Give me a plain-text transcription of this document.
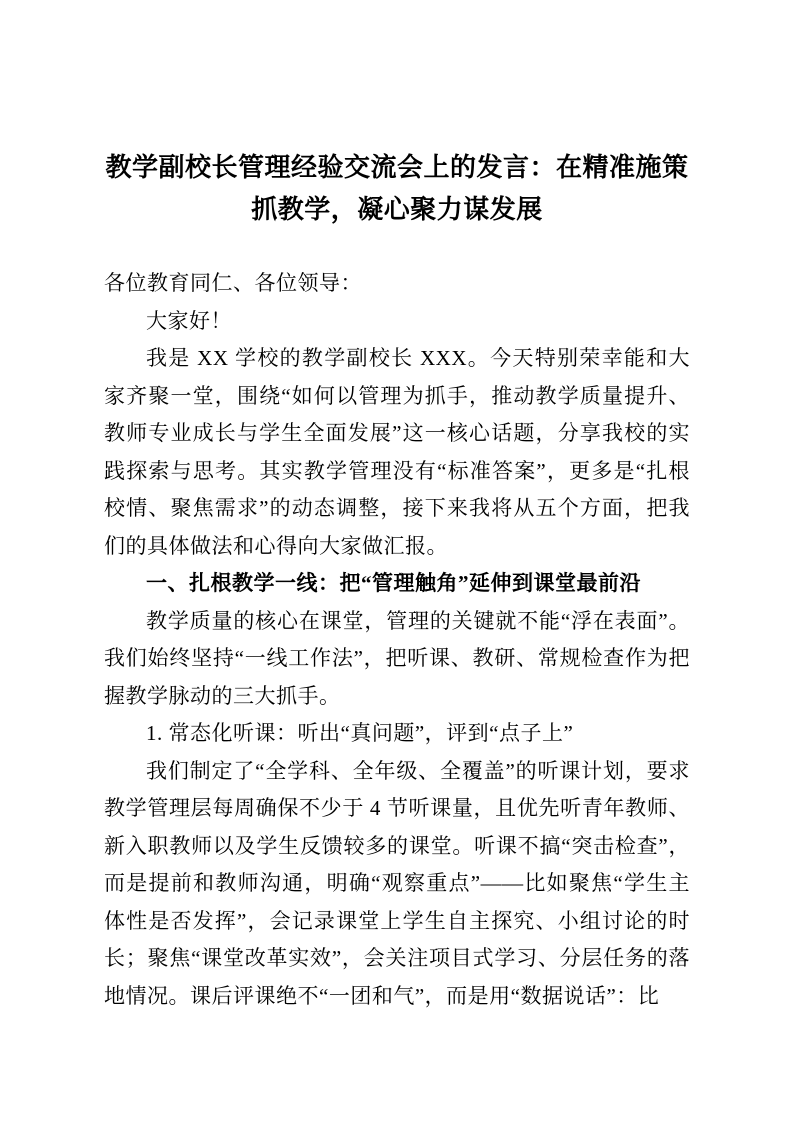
教学副校长管理经验交流会上的发言：在精准施策抓教学，凝心聚力谋发展

各位教育同仁、各位领导：

大家好！

我是 XX 学校的教学副校长 XXX。今天特别荣幸能和大家齐聚一堂，围绕“如何以管理为抓手，推动教学质量提升、教师专业成长与学生全面发展”这一核心话题，分享我校的实践探索与思考。其实教学管理没有“标准答案”，更多是“扎根校情、聚焦需求”的动态调整，接下来我将从五个方面，把我们的具体做法和心得向大家做汇报。

一、扎根教学一线：把“管理触角”延伸到课堂最前沿

教学质量的核心在课堂，管理的关键就不能“浮在表面”。我们始终坚持“一线工作法”，把听课、教研、常规检查作为把握教学脉动的三大抓手。

1. 常态化听课：听出“真问题”，评到“点子上”

我们制定了“全学科、全年级、全覆盖”的听课计划，要求教学管理层每周确保不少于 4 节听课量，且优先听青年教师、新入职教师以及学生反馈较多的课堂。听课不搞“突击检查”，而是提前和教师沟通，明确“观察重点”——比如聚焦“学生主体性是否发挥”，会记录课堂上学生自主探究、小组讨论的时长；聚焦“课堂改革实效”，会关注项目式学习、分层任务的落地情况。课后评课绝不“一团和气”，而是用“数据说话”：比
